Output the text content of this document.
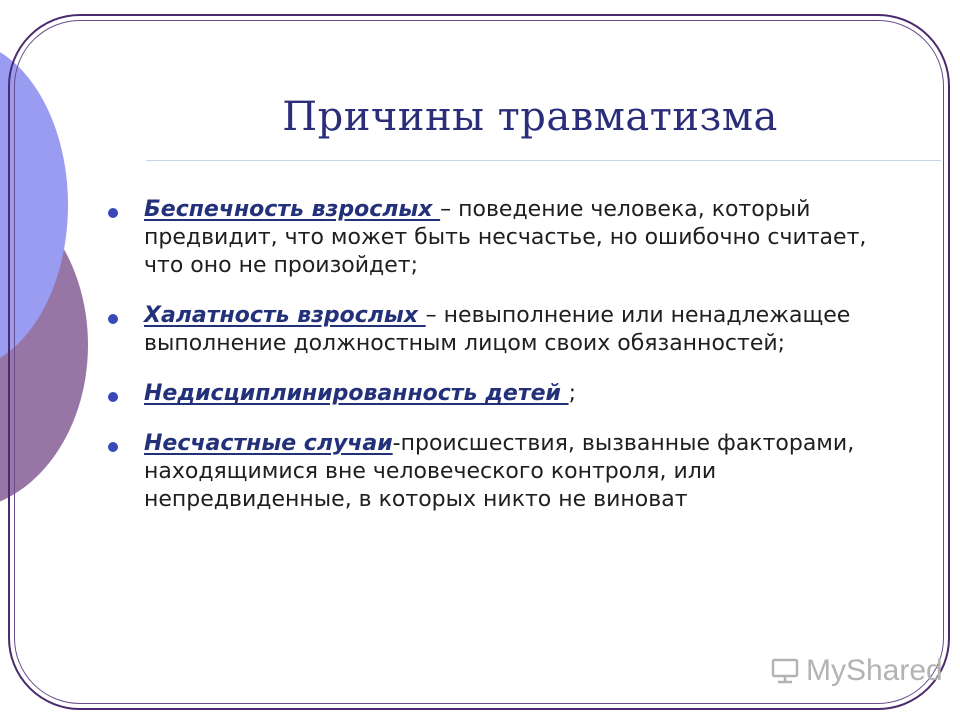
Причины травматизма
Беспечность взрослых – поведение человека, который предвидит, что может быть несчастье, но ошибочно считает, что оно не произойдет;
Халатность взрослых – невыполнение или ненадлежащее выполнение должностным лицом своих обязанностей;
Недисциплинированность детей ;
Несчастные случаи-происшествия, вызванные факторами, находящимися вне человеческого контроля, или непредвиденные, в которых никто не виноват
MyShared
